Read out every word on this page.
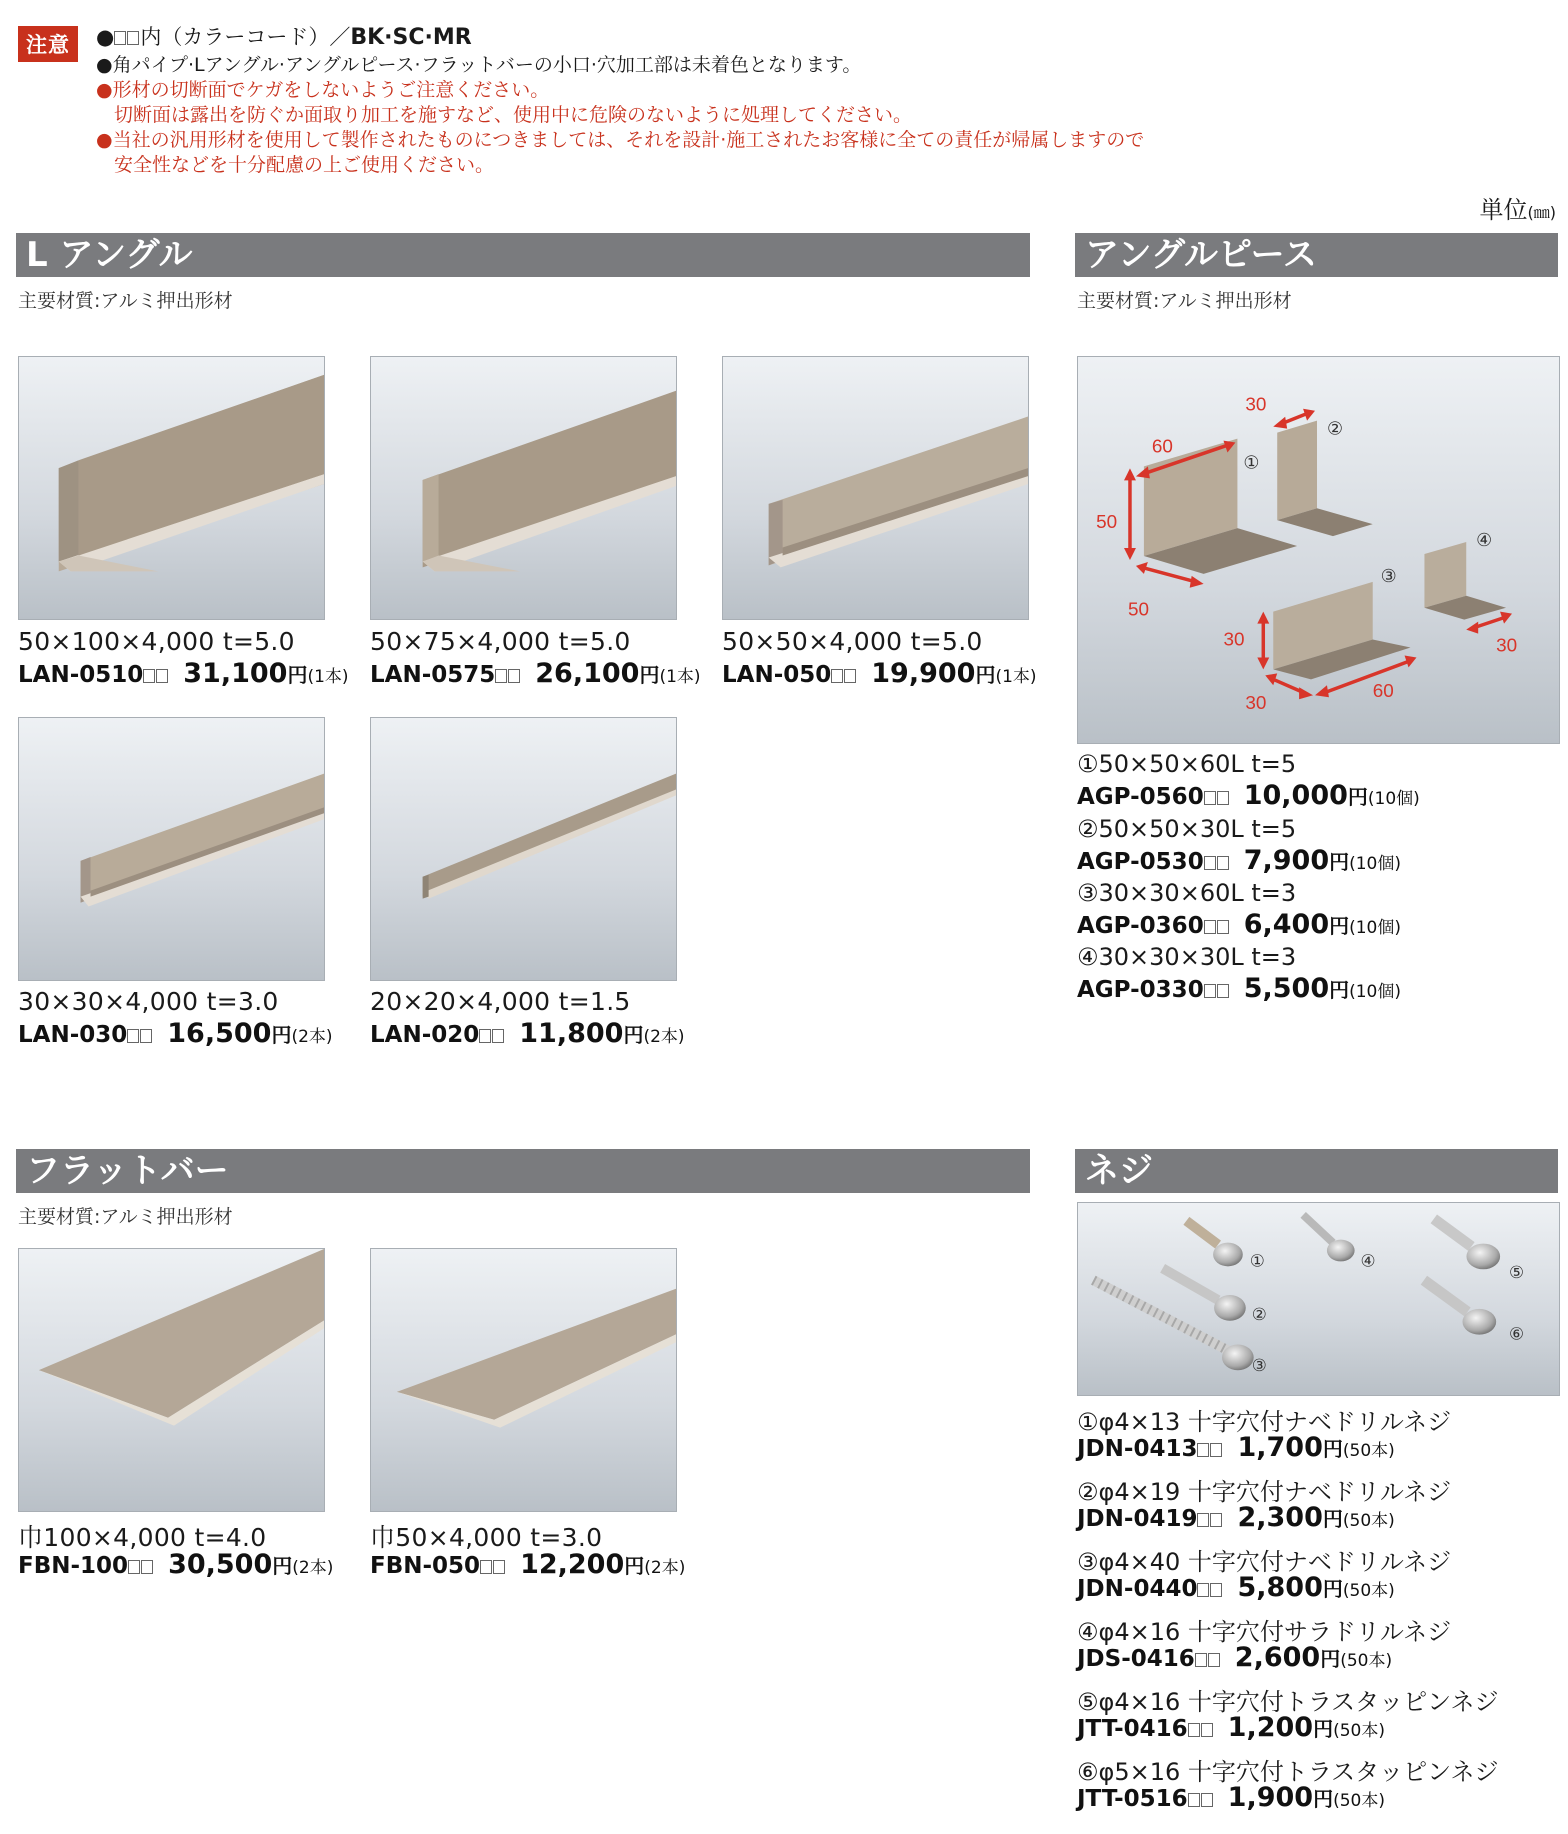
注意	● 内（カラーコード）／BK·SC·MR
●角パイプ·Lアングル·アングルピース·フラットバーの小口·穴加工部は未着色となります。
●形材の切断面でケガをしないようご注意ください。
切断面は露出を防ぐか面取り加工を施すなど、使用中に危険のないように処理してください。
●当社の汎用形材を使用して製作されたものにつきましては、それを設計·施工されたお客様に全ての責任が帰属しますので
安全性などを十分配慮の上ご使用ください。
単位(㎜)
L アングル
主要材質:アルミ押出形材
50×100×4,000 t=5.0
LAN-0510 31,100円(1本)
50×75×4,000 t=5.0
LAN-0575 26,100円(1本)
50×50×4,000 t=5.0
LAN-050 19,900円(1本)
30×30×4,000 t=3.0
LAN-030 16,500円(2本)
20×20×4,000 t=1.5
LAN-020 11,800円(2本)
アングルピース
主要材質:アルミ押出形材
30
60
50
50
30
30
60
30
①
②
③
④
①50×50×60L t=5
AGP-0560 10,000円(10個)
②50×50×30L t=5
AGP-0530 7,900円(10個)
③30×30×60L t=3
AGP-0360 6,400円(10個)
④30×30×30L t=3
AGP-0330 5,500円(10個)
フラットバー
主要材質:アルミ押出形材
巾100×4,000 t=4.0
FBN-100 30,500円(2本)
巾50×4,000 t=3.0
FBN-050 12,200円(2本)
ネジ
①	④
⑤
②
⑥
③
①φ4×13 十字穴付ナベドリルネジ
JDN-0413 1,700円(50本)
②φ4×19 十字穴付ナベドリルネジ
JDN-0419 2,300円(50本)
③φ4×40 十字穴付ナベドリルネジ
JDN-0440 5,800円(50本)
④φ4×16 十字穴付サラドリルネジ
JDS-0416 2,600円(50本)
⑤φ4×16 十字穴付トラスタッピンネジ
JTT-0416 1,200円(50本)
⑥φ5×16 十字穴付トラスタッピンネジ
JTT-0516 1,900円(50本)
